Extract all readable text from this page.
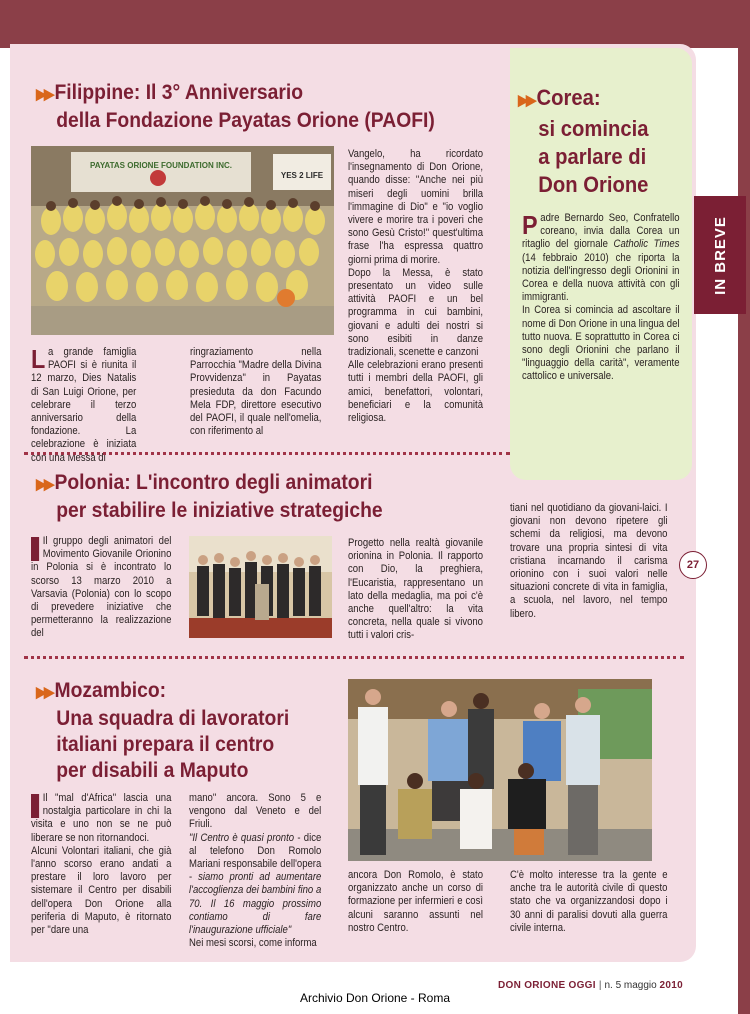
IN BREVE
27
▶▶ Filippine: Il 3° Anniversario
della Fondazione Payatas Orione (PAOFI)
PAYATAS ORIONE FOUNDATION INC.
YES 2 LIFE
L a grande famiglia PAOFI si è riunita il 12 marzo, Dies Natalis di San Luigi Orione, per celebrare il terzo anniversario della fondazione. La celebrazione è iniziata con una Messa di

ringraziamento nella Parrocchia "Madre della Divina Provvidenza" in Payatas presieduta da don Facundo Mela FDP, direttore esecutivo del PAOFI, il quale nell'omelia, con riferimento al

Vangelo, ha ricordato l'insegnamento di Don Orione, quando disse: "Anche nei più miseri degli uomini brilla l'immagine di Dio" e "io voglio vivere e morire tra i poveri che sono Gesù Cristo!" quest'ultima frase l'ha espressa quattro giorni prima di morire.

Dopo la Messa, è stato presentato un video sulle attività PAOFI e un bel programma in cui bambini, giovani e adulti dei nostri si sono esibiti in danze tradizionali, scenette e canzoni

Alle celebrazioni erano presenti tutti i membri della PAOFI, gli amici, benefattori, volontari, beneficiari e la comunità religiosa.

▶▶ Corea:
si comincia
a parlare di
Don Orione

Padre Bernardo Seo, Confratello coreano, invia dalla Corea un ritaglio del giornale Catholic Times (14 febbraio 2010) che riporta la notizia dell'ingresso degli Orionini in Corea e della nuova attività con gli immigranti.

In Corea si comincia ad ascoltare il nome di Don Orione in una lingua del tutto nuova. E soprattutto in Corea ci sono degli Orionini che parlano il "linguaggio della carità", veramente cattolico e universale.

▶▶ Polonia: L'incontro degli animatori
per stabilire le iniziative strategiche

Il gruppo degli animatori del Movimento Giovanile Orionino in Polonia si è incontrato lo scorso 13 marzo 2010 a Varsavia (Polonia) con lo scopo di prevedere iniziative che permetteranno la realizzazione del

Progetto nella realtà giovanile orionina in Polonia. Il rapporto con Dio, la preghiera, l'Eucaristia, rappresentano un lato della medaglia, ma poi c'è anche quell'altro: la vita concreta, nella quale si vivono tutti i valori cris-

tiani nel quotidiano da giovani-laici. I giovani non devono ripetere gli schemi da religiosi, ma devono trovare una propria sintesi di vita cristiana incarnando il carisma orionino con i suoi valori nelle situazioni concrete di vita in famiglia, a scuola, nel lavoro, nel tempo libero.

▶▶ Mozambico:
Una squadra di lavoratori
italiani prepara il centro
per disabili a Maputo

Il "mal d'Africa" lascia una nostalgia particolare in chi la visita e uno non se ne può liberare se non ritornandoci.

Alcuni Volontari italiani, che già l'anno scorso erano andati a prestare il loro lavoro per sistemare il Centro per disabili dell'opera Don Orione alla periferia di Maputo, è ritornato per "dare una

mano" ancora. Sono 5 e vengono dal Veneto e del Friuli.

"Il Centro è quasi pronto - dice al telefono Don Romolo Mariani responsabile dell'opera - siamo pronti ad aumentare l'accoglienza dei bambini fino a 70. Il 16 maggio prossimo contiamo di fare l'inaugurazione ufficiale"

Nei mesi scorsi, come informa

ancora Don Romolo, è stato organizzato anche un corso di formazione per infermieri e così alcuni saranno assunti nel nostro Centro.

C'è molto interesse tra la gente e anche tra le autorità civile di questo stato che va organizzandosi dopo i 30 anni di paralisi dovuti alla guerra civile interna.

DON ORIONE OGGI | n. 5 maggio 2010
Archivio Don Orione - Roma
